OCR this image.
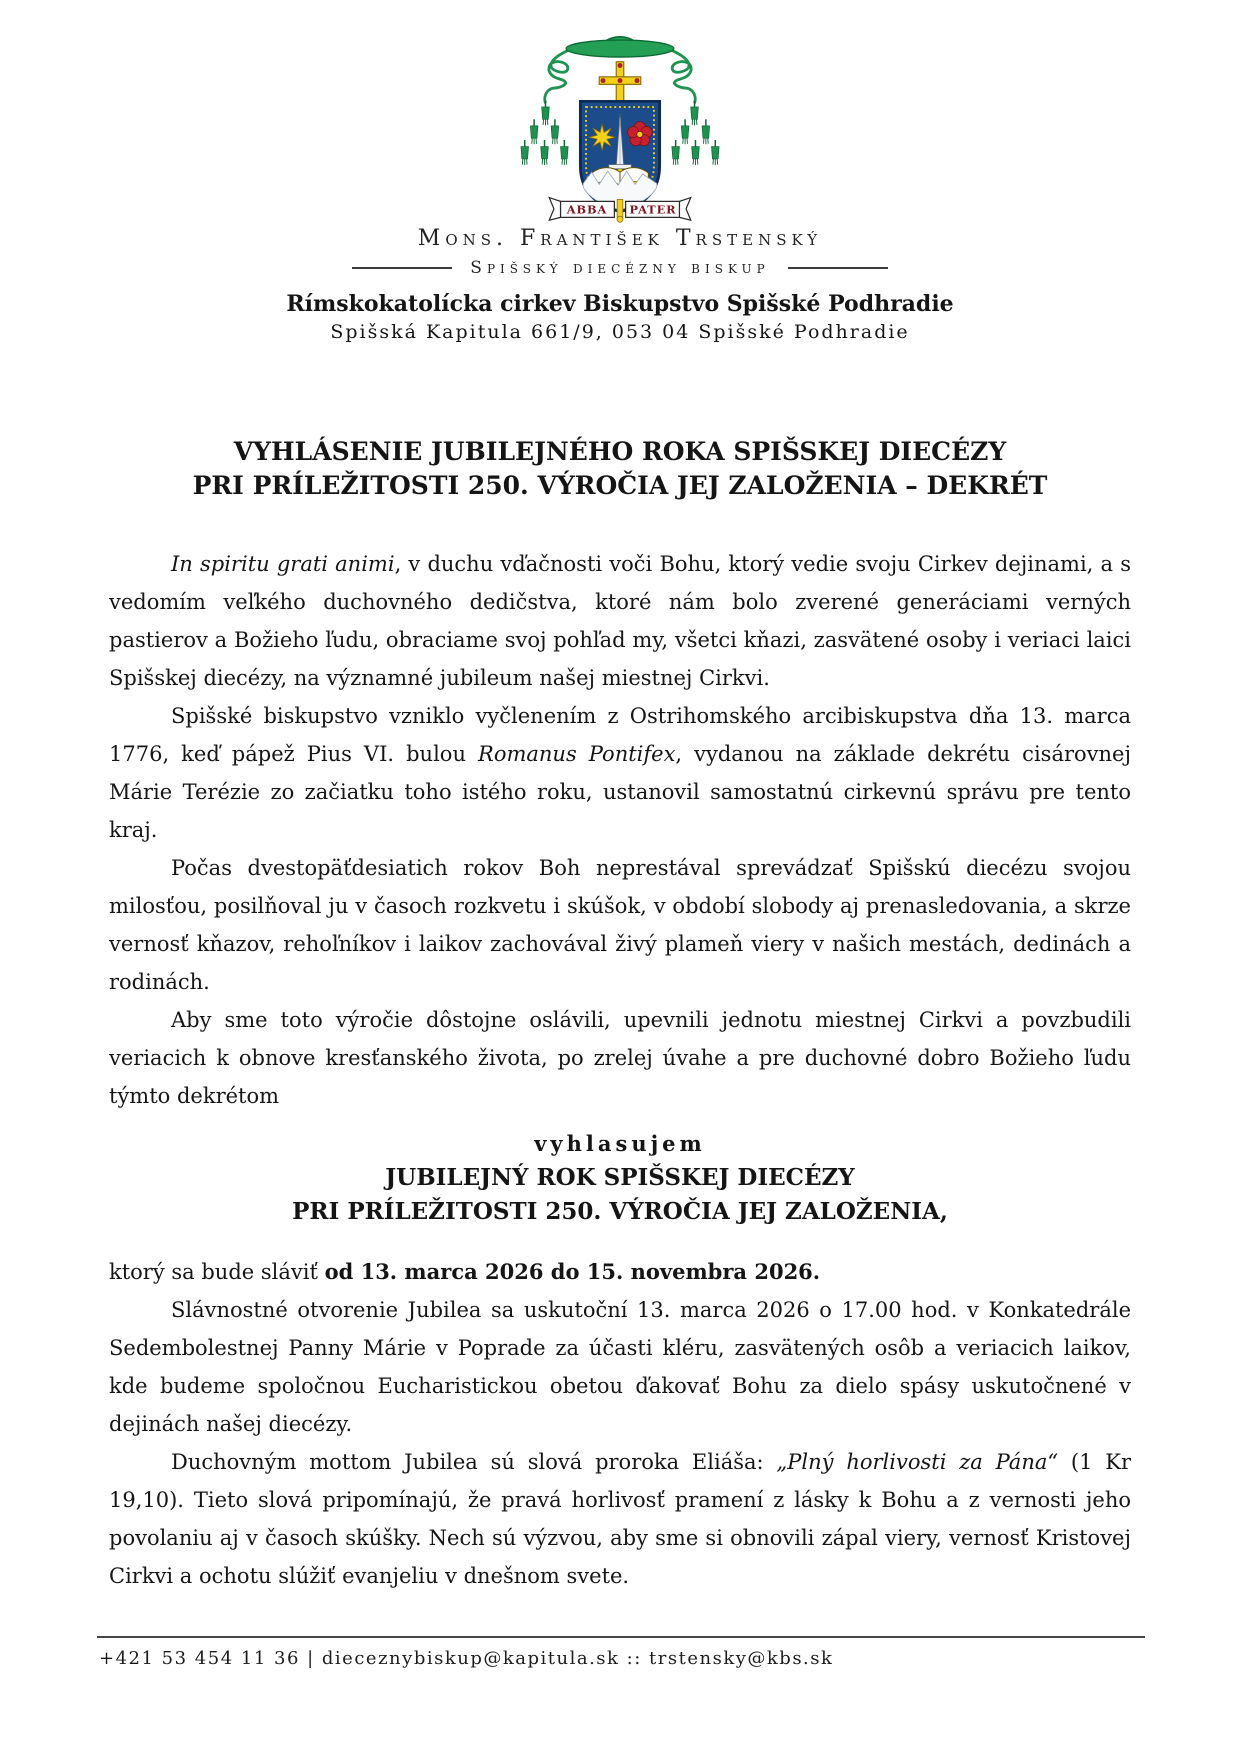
ABBA PATER
Mons. František Trstenský
Spišský diecézny biskup
Rímskokatolícka cirkev Biskupstvo Spišské Podhradie
Spišská Kapitula 661/9, 053 04 Spišské Podhradie
VYHLÁSENIE JUBILEJNÉHO ROKA SPIŠSKEJ DIECÉZY
PRI PRÍLEŽITOSTI 250. VÝROČIA JEJ ZALOŽENIA – DEKRÉT

In spiritu grati animi, v duchu vďačnosti voči Bohu, ktorý vedie svoju Cirkev dejinami, a s vedomím veľkého duchovného dedičstva, ktoré nám bolo zverené generáciami verných pastierov a Božieho ľudu, obraciame svoj pohľad my, všetci kňazi, zasvätené osoby i veriaci laici Spišskej diecézy, na významné jubileum našej miestnej Cirkvi.

Spišské biskupstvo vzniklo vyčlenením z Ostrihomského arcibiskupstva dňa 13. marca 1776, keď pápež Pius VI. bulou Romanus Pontifex, vydanou na základe dekrétu cisárovnej Márie Terézie zo začiatku toho istého roku, ustanovil samostatnú cirkevnú správu pre tento kraj.

Počas dvestopäťdesiatich rokov Boh neprestával sprevádzať Spišskú diecézu svojou milosťou, posilňoval ju v časoch rozkvetu i skúšok, v období slobody aj prenasledovania, a skrze vernosť kňazov, rehoľníkov i laikov zachovával živý plameň viery v našich mestách, dedinách a rodinách.

Aby sme toto výročie dôstojne oslávili, upevnili jednotu miestnej Cirkvi a povzbudili veriacich k obnove kresťanského života, po zrelej úvahe a pre duchovné dobro Božieho ľudu týmto dekrétom

vyhlasujem
JUBILEJNÝ ROK SPIŠSKEJ DIECÉZY
PRI PRÍLEŽITOSTI 250. VÝROČIA JEJ ZALOŽENIA,

ktorý sa bude sláviť od 13. marca 2026 do 15. novembra 2026.

Slávnostné otvorenie Jubilea sa uskutoční 13. marca 2026 o 17.00 hod. v Konkatedrále Sedembolestnej Panny Márie v Poprade za účasti kléru, zasvätených osôb a veriacich laikov, kde budeme spoločnou Eucharistickou obetou ďakovať Bohu za dielo spásy uskutočnené v dejinách našej diecézy.

Duchovným mottom Jubilea sú slová proroka Eliáša: „Plný horlivosti za Pána“ (1 Kr 19,10). Tieto slová pripomínajú, že pravá horlivosť pramení z lásky k Bohu a z vernosti jeho povolaniu aj v časoch skúšky. Nech sú výzvou, aby sme si obnovili zápal viery, vernosť Kristovej Cirkvi a ochotu slúžiť evanjeliu v dnešnom svete.

+421 53 454 11 36 | dieceznybiskup@kapitula.sk :: trstensky@kbs.sk
